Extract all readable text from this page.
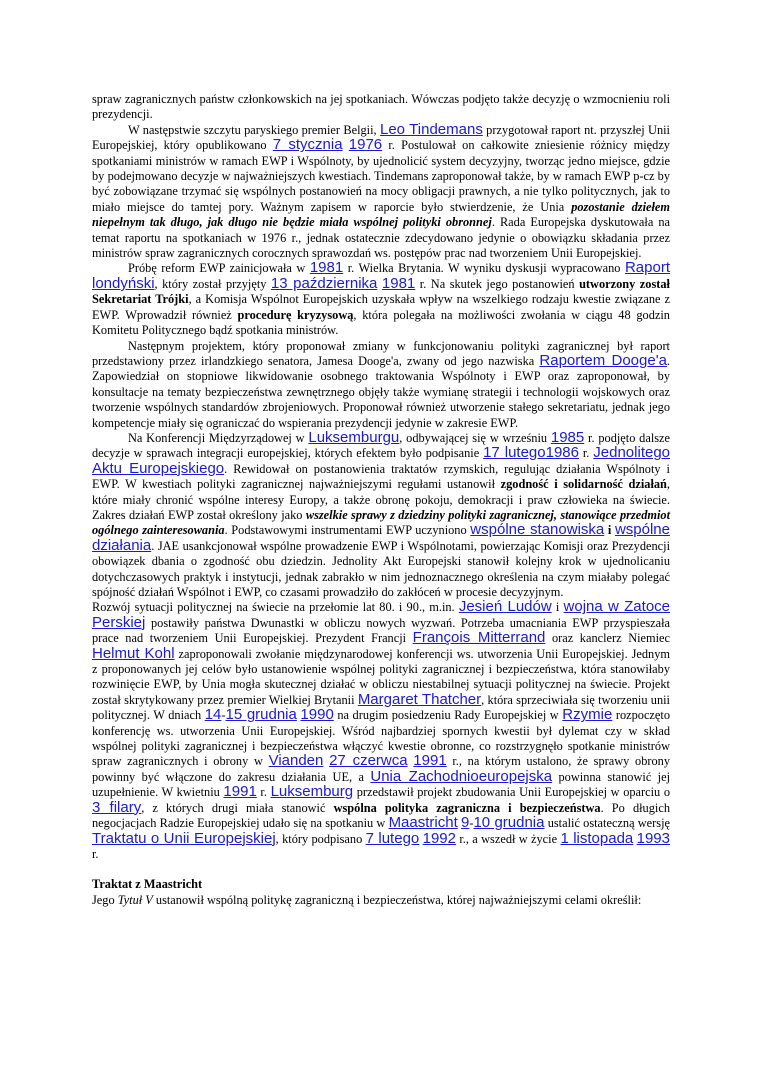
spraw zagranicznych państw członkowskich na jej spotkaniach. Wówczas podjęto także decyzję o wzmocnieniu roli prezydencji.

W następstwie szczytu paryskiego premier Belgii, Leo Tindemans przygotował raport nt. przyszłej Unii Europejskiej, który opublikowano 7 stycznia 1976 r. Postulował on całkowite zniesienie różnicy między spotkaniami ministrów w ramach EWP i Wspólnoty, by ujednolicić system decyzyjny, tworząc jedno miejsce, gdzie by podejmowano decyzje w najważniejszych kwestiach. Tindemans zaproponował także, by w ramach EWP p-cz by być zobowiązane trzymać się wspólnych postanowień na mocy obligacji prawnych, a nie tylko politycznych, jak to miało miejsce do tamtej pory. Ważnym zapisem w raporcie było stwierdzenie, że Unia pozostanie dziełem niepełnym tak długo, jak długo nie będzie miała wspólnej polityki obronnej. Rada Europejska dyskutowała na temat raportu na spotkaniach w 1976 r., jednak ostatecznie zdecydowano jedynie o obowiązku składania przez ministrów spraw zagranicznych corocznych sprawozdań ws. postępów prac nad tworzeniem Unii Europejskiej.

Próbę reform EWP zainicjowała w 1981 r. Wielka Brytania. W wyniku dyskusji wypracowano Raport londyński, który został przyjęty 13 października 1981 r. Na skutek jego postanowień utworzony został Sekretariat Trójki, a Komisja Wspólnot Europejskich uzyskała wpływ na wszelkiego rodzaju kwestie związane z EWP. Wprowadził również procedurę kryzysową, która polegała na możliwości zwołania w ciągu 48 godzin Komitetu Politycznego bądź spotkania ministrów.

Następnym projektem, który proponował zmiany w funkcjonowaniu polityki zagranicznej był raport przedstawiony przez irlandzkiego senatora, Jamesa Dooge'a, zwany od jego nazwiska Raportem Dooge'a. Zapowiedział on stopniowe likwidowanie osobnego traktowania Wspólnoty i EWP oraz zaproponował, by konsultacje na tematy bezpieczeństwa zewnętrznego objęły także wymianę strategii i technologii wojskowych oraz tworzenie wspólnych standardów zbrojeniowych. Proponował również utworzenie stałego sekretariatu, jednak jego kompetencje miały się ograniczać do wspierania prezydencji jedynie w zakresie EWP.

Na Konferencji Międzyrządowej w Luksemburgu, odbywającej się w wrześniu 1985 r. podjęto dalsze decyzje w sprawach integracji europejskiej, których efektem było podpisanie 17 lutego1986 r. Jednolitego Aktu Europejskiego. Rewidował on postanowienia traktatów rzymskich, regulując działania Wspólnoty i EWP. W kwestiach polityki zagranicznej najważniejszymi regułami ustanowił zgodność i solidarność działań, które miały chronić wspólne interesy Europy, a także obronę pokoju, demokracji i praw człowieka na świecie. Zakres działań EWP został określony jako wszelkie sprawy z dziedziny polityki zagranicznej, stanowiące przedmiot ogólnego zainteresowania. Podstawowymi instrumentami EWP uczyniono wspólne stanowiska i wspólne działania. JAE usankcjonował wspólne prowadzenie EWP i Wspólnotami, powierzając Komisji oraz Prezydencji obowiązek dbania o zgodność obu dziedzin. Jednolity Akt Europejski stanowił kolejny krok w ujednolicaniu dotychczasowych praktyk i instytucji, jednak zabrakło w nim jednoznacznego określenia na czym miałaby polegać spójność działań Wspólnot i EWP, co czasami prowadziło do zakłóceń w procesie decyzyjnym.

Rozwój sytuacji politycznej na świecie na przełomie lat 80. i 90., m.in. Jesień Ludów i wojna w Zatoce Perskiej postawiły państwa Dwunastki w obliczu nowych wyzwań. Potrzeba umacniania EWP przyspieszała prace nad tworzeniem Unii Europejskiej. Prezydent Francji François Mitterrand oraz kanclerz Niemiec Helmut Kohl zaproponowali zwołanie międzynarodowej konferencji ws. utworzenia Unii Europejskiej. Jednym z proponowanych jej celów było ustanowienie wspólnej polityki zagranicznej i bezpieczeństwa, która stanowiłaby rozwinięcie EWP, by Unia mogła skutecznej działać w obliczu niestabilnej sytuacji politycznej na świecie. Projekt został skrytykowany przez premier Wielkiej Brytanii Margaret Thatcher, która sprzeciwiała się tworzeniu unii politycznej. W dniach 14-15 grudnia 1990 na drugim posiedzeniu Rady Europejskiej w Rzymie rozpoczęto konferencję ws. utworzenia Unii Europejskiej. Wśród najbardziej spornych kwestii był dylemat czy w skład wspólnej polityki zagranicznej i bezpieczeństwa włączyć kwestie obronne, co rozstrzygnęło spotkanie ministrów spraw zagranicznych i obrony w Vianden 27 czerwca 1991 r., na którym ustalono, że sprawy obrony powinny być włączone do zakresu działania UE, a Unia Zachodnioeuropejska powinna stanowić jej uzupełnienie. W kwietniu 1991 r. Luksemburg przedstawił projekt zbudowania Unii Europejskiej w oparciu o 3 filary, z których drugi miała stanowić wspólna polityka zagraniczna i bezpieczeństwa. Po długich negocjacjach Radzie Europejskiej udało się na spotkaniu w Maastricht 9-10 grudnia ustalić ostateczną wersję Traktatu o Unii Europejskiej, który podpisano 7 lutego 1992 r., a wszedł w życie 1 listopada 1993 r.

Traktat z Maastricht

Jego Tytuł V ustanowił wspólną politykę zagraniczną i bezpieczeństwa, której najważniejszymi celami określił:
